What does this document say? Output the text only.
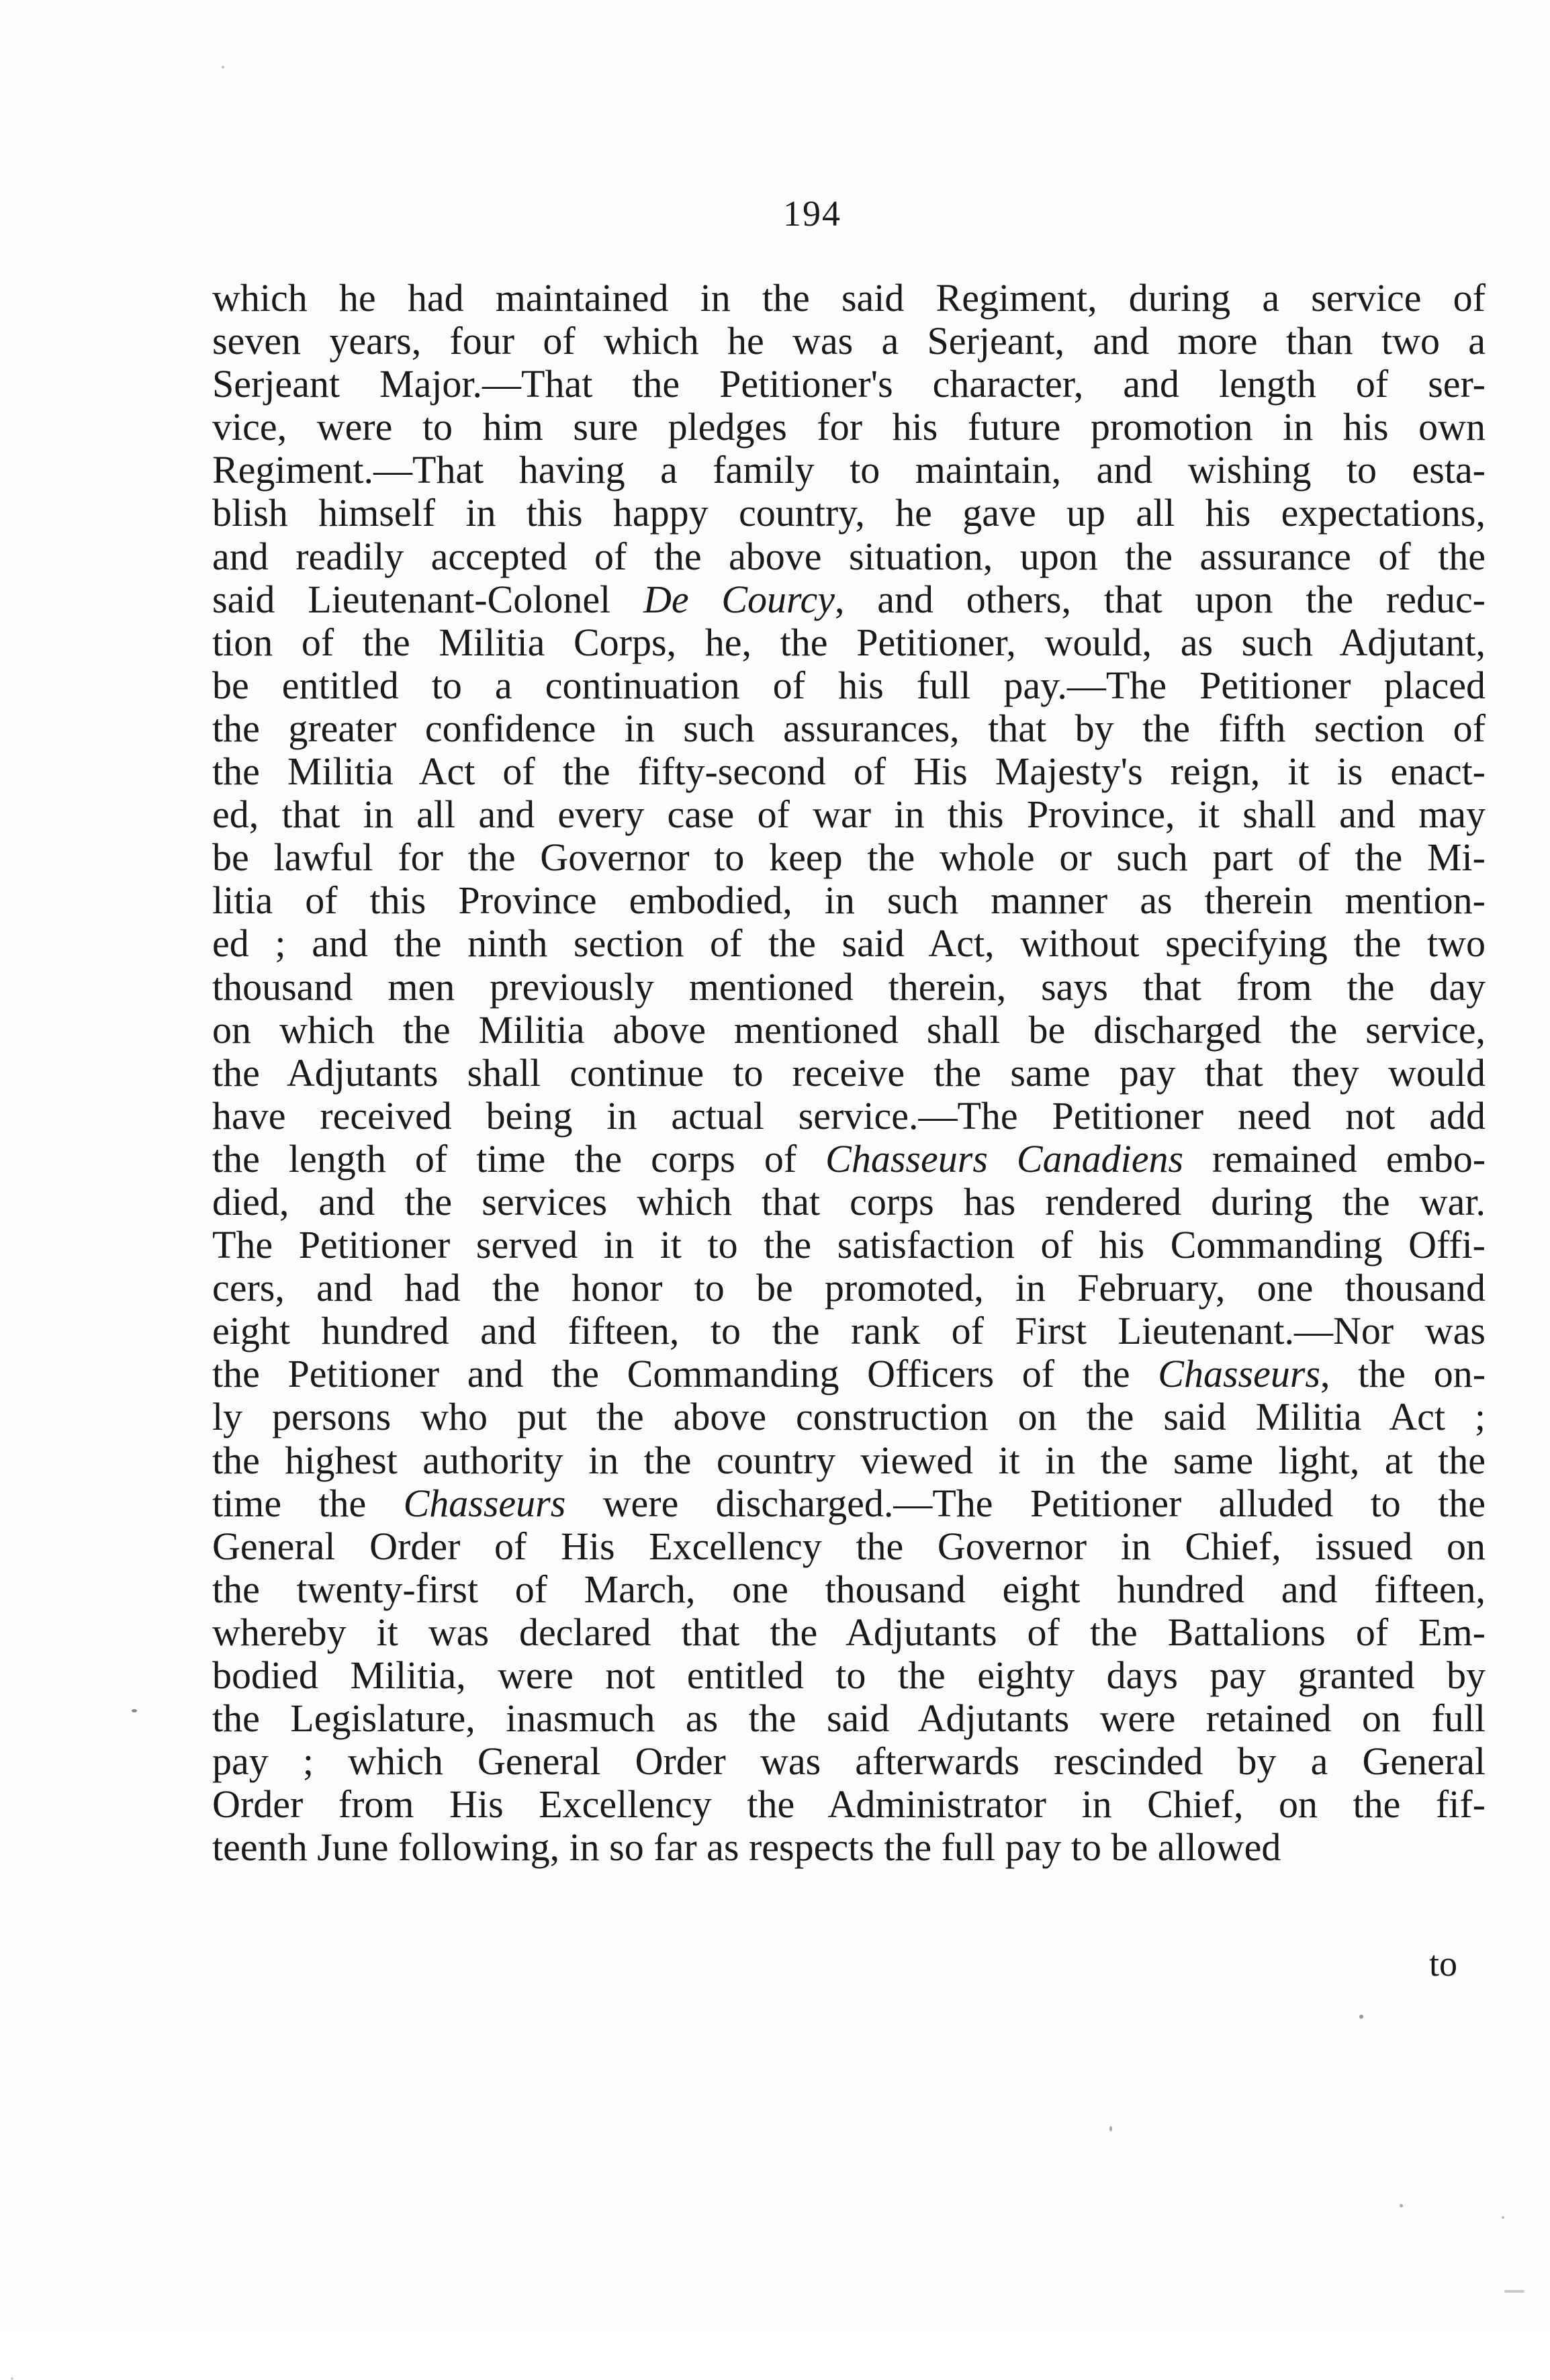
194
which he had maintained in the said Regiment, during a service of
seven years, four of which he was a Serjeant, and more than two a
Serjeant Major.—That the Petitioner's character, and length of ser-
vice, were to him sure pledges for his future promotion in his own
Regiment.—That having a family to maintain, and wishing to esta-
blish himself in this happy country, he gave up all his expectations,
and readily accepted of the above situation, upon the assurance of the
said Lieutenant-Colonel De Courcy, and others, that upon the reduc-
tion of the Militia Corps, he, the Petitioner, would, as such Adjutant,
be entitled to a continuation of his full pay.—The Petitioner placed
the greater confidence in such assurances, that by the fifth section of
the Militia Act of the fifty-second of His Majesty's reign, it is enact-
ed, that in all and every case of war in this Province, it shall and may
be lawful for the Governor to keep the whole or such part of the Mi-
litia of this Province embodied, in such manner as therein mention-
ed ; and the ninth section of the said Act, without specifying the two
thousand men previously mentioned therein, says that from the day
on which the Militia above mentioned shall be discharged the service,
the Adjutants shall continue to receive the same pay that they would
have received being in actual service.—The Petitioner need not add
the length of time the corps of Chasseurs Canadiens remained embo-
died, and the services which that corps has rendered during the war.
The Petitioner served in it to the satisfaction of his Commanding Offi-
cers, and had the honor to be promoted, in February, one thousand
eight hundred and fifteen, to the rank of First Lieutenant.—Nor was
the Petitioner and the Commanding Officers of the Chasseurs, the on-
ly persons who put the above construction on the said Militia Act ;
the highest authority in the country viewed it in the same light, at the
time the Chasseurs were discharged.—The Petitioner alluded to the
General Order of His Excellency the Governor in Chief, issued on
the twenty-first of March, one thousand eight hundred and fifteen,
whereby it was declared that the Adjutants of the Battalions of Em-
bodied Militia, were not entitled to the eighty days pay granted by
the Legislature, inasmuch as the said Adjutants were retained on full
pay ; which General Order was afterwards rescinded by a General
Order from His Excellency the Administrator in Chief, on the fif-
teenth June following, in so far as respects the full pay to be allowed
to
